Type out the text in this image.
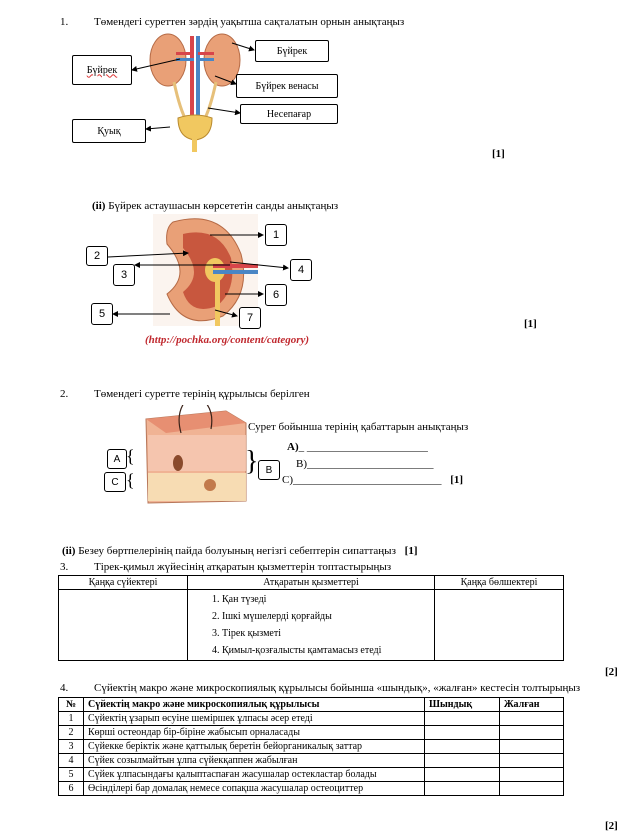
1. Төмендегі суреттен зәрдің уақытша сақталатын орнын анықтаңыз
Бүйрек
Бүйрек
Бүйрек венасы
Несепағар
Қуық
[1]
(ii) Бүйрек астаушасын көрсететін санды анықтаңыз
1
2
3	4
5
6
7
(http://pochka.org/content/category)
[1]
2. Төмендегі суретте терінің құрылысы берілген
A
C
B
{
{
}
Сурет бойынша терінің қабаттарын анықтаңыз
A)_ ______________________
B)_______________________
C)___________________________ [1]
(ii) Безеу бөртпелерінің пайда болуының негізгі себептерін сипаттаңыз [1]
3. Тірек-қимыл жүйесінің атқаратын қызметтерін топтастырыңыз
Қаңқа сүйектері	Атқаратын қызметтері	Қаңқа бөлшектері

	1. Қан түзеді
2. Ішкі мүшелерді қорғайды
3. Тірек қызметі
4. Қимыл-қозғалысты қамтамасыз етеді	

[2]
4. Сүйектің макро және микроскопиялық құрылысы бойынша «шындық», «жалған» кестесін толтырыңыз
№	Сүйектің макро және микроскопиялық құрылысы	Шындық	Жалған
1	Сүйектің ұзарып өсуіне шеміршек ұлпасы әсер етеді		
2	Көрші остеондар бір-біріне жабысып орналасады		
3	Сүйекке беріктік және қаттылық беретін бейорганикалық заттар		
4	Сүйек созылмайтын ұлпа сүйекқаппен жабылған		
5	Сүйек ұлпасындағы қалыптаспаған жасушалар остекластар болады		
6	Өсінділері бар домалақ немесе сопақша жасушалар остеоциттер		
[2]
